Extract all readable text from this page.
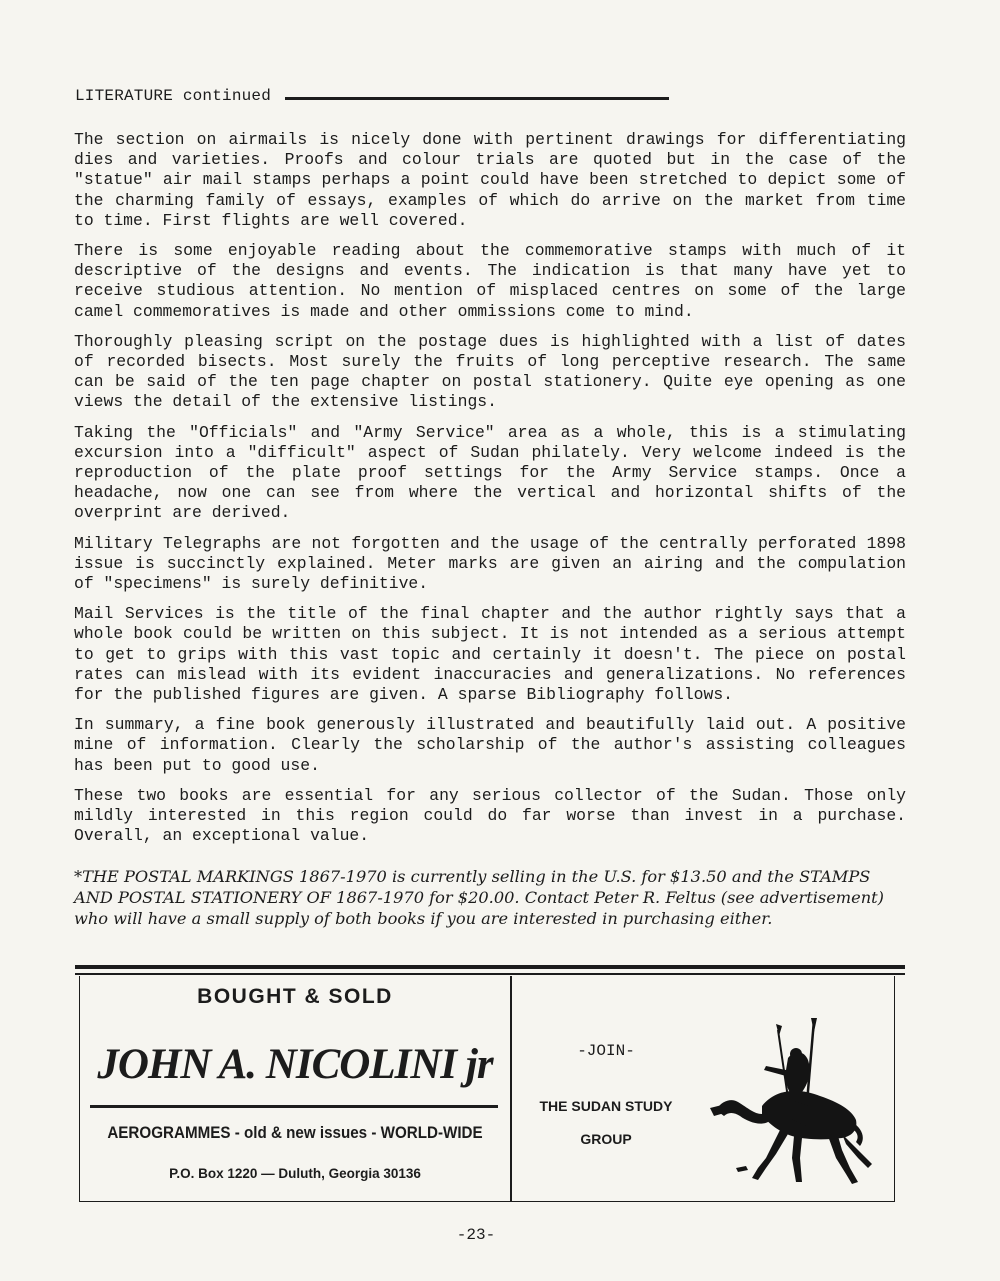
LITERATURE continued

The section on airmails is nicely done with pertinent drawings for differentiating dies and varieties. Proofs and colour trials are quoted but in the case of the "statue" air mail stamps perhaps a point could have been stretched to depict some of the charming family of essays, examples of which do arrive on the market from time to time. First flights are well covered.

There is some enjoyable reading about the commemorative stamps with much of it descriptive of the designs and events. The indication is that many have yet to receive studious attention. No mention of misplaced centres on some of the large camel commemoratives is made and other ommissions come to mind.

Thoroughly pleasing script on the postage dues is highlighted with a list of dates of recorded bisects. Most surely the fruits of long perceptive research. The same can be said of the ten page chapter on postal stationery. Quite eye opening as one views the detail of the extensive listings.

Taking the "Officials" and "Army Service" area as a whole, this is a stimulating excursion into a "difficult" aspect of Sudan philately. Very welcome indeed is the reproduction of the plate proof settings for the Army Service stamps. Once a headache, now one can see from where the vertical and horizontal shifts of the overprint are derived.

Military Telegraphs are not forgotten and the usage of the centrally perforated 1898 issue is succinctly explained. Meter marks are given an airing and the compulation of "specimens" is surely definitive.

Mail Services is the title of the final chapter and the author rightly says that a whole book could be written on this subject. It is not intended as a serious attempt to get to grips with this vast topic and certainly it doesn't. The piece on postal rates can mislead with its evident inaccuracies and generalizations. No references for the published figures are given. A sparse Bibliography follows.

In summary, a fine book generously illustrated and beautifully laid out. A positive mine of information. Clearly the scholarship of the author's assisting colleagues has been put to good use.

These two books are essential for any serious collector of the Sudan. Those only mildly interested in this region could do far worse than invest in a purchase. Overall, an exceptional value.

*THE POSTAL MARKINGS 1867-1970 is currently selling in the U.S. for $13.50 and the STAMPS AND POSTAL STATIONERY OF 1867-1970 for $20.00. Contact Peter R. Feltus (see advertisement) who will have a small supply of both books if you are interested in purchasing either.
BOUGHT & SOLD
JOHN A. NICOLINI jr
AEROGRAMMES - old & new issues - WORLD-WIDE
P.O. Box 1220 — Duluth, Georgia 30136
-JOIN-
THE SUDAN STUDY
GROUP
-23-
